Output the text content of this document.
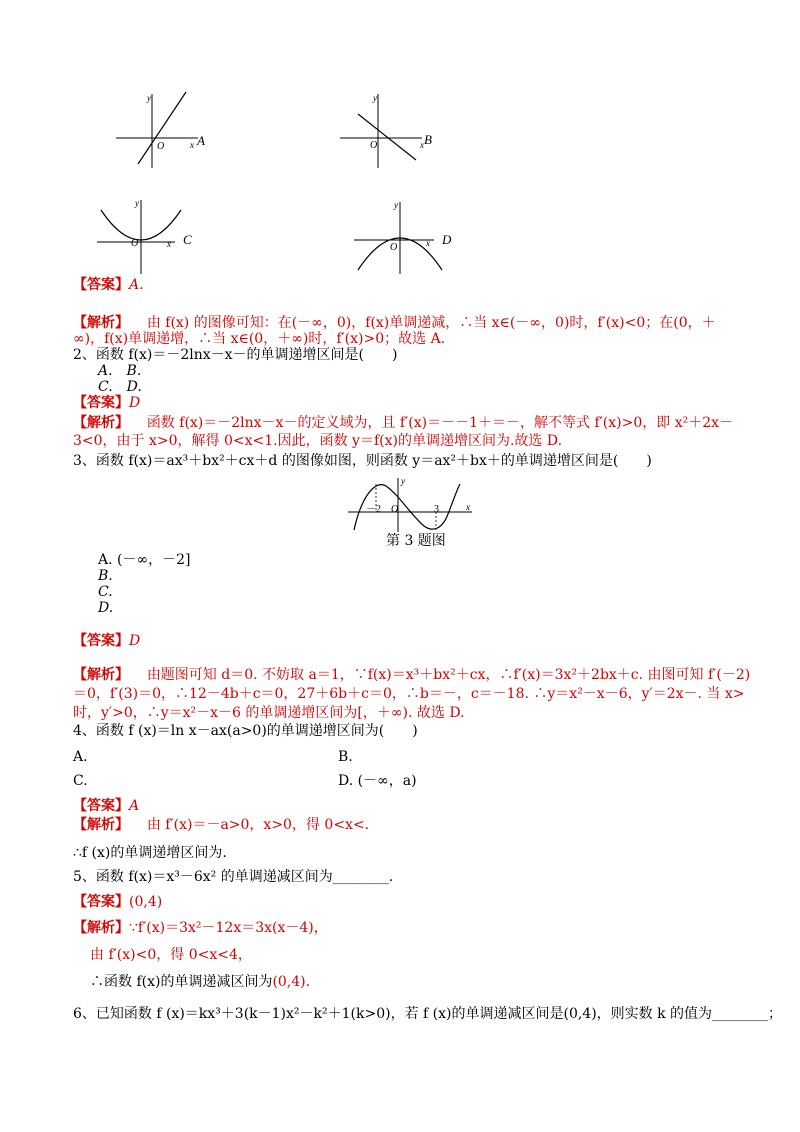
y
x
O	A
y
x
O	B
y
x
O	C
y
x
O
D
【答案】A.
【解析】 由 f(x) 的图像可知：在(－∞，0)，f(x)单调递减，∴当 x∈(－∞，0)时，f′(x)<0；在(0，＋
∞)，f(x)单调递增，∴当 x∈(0，＋∞)时，f′(x)>0；故选 A.
2、函数 f(x)＝－2lnx－x－的单调递增区间是(　　)
A.　B.
C.　D.
【答案】D
【解析】 函数 f(x)＝－2lnx－x－的定义域为，且 f′(x)＝－－1＋＝－，解不等式 f′(x)>0，即 x²＋2x－
3<0，由于 x>0，解得 0<x<1.因此，函数 y＝f(x)的单调递增区间为.故选 D.
3、函数 f(x)＝ax³＋bx²＋cx＋d 的图像如图，则函数 y＝ax²＋bx＋的单调递增区间是(　　)
y
x
O
－2	3
第 3 题图
A. (－∞，－2]
B.
C.
D.
【答案】D
【解析】 由题图可知 d＝0. 不妨取 a＝1，∵f(x)＝x³＋bx²＋cx，∴f′(x)＝3x²＋2bx＋c. 由图可知 f′(－2)
＝0，f′(3)＝0，∴12－4b＋c＝0，27＋6b＋c＝0，∴b＝－，c＝－18. ∴y＝x²－x－6，y′＝2x－. 当 x>
时，y′>0，∴y＝x²－x－6 的单调递增区间为[，＋∞). 故选 D.
4、函数 f (x)＝ln x－ax(a>0)的单调递增区间为(　　)
A.	B.
C.	D. (－∞，a)
【答案】A
【解析】 由 f′(x)＝－a>0，x>0，得 0<x<.
∴f (x)的单调递增区间为.
5、函数 f(x)＝x³－6x² 的单调递减区间为________.
【答案】(0,4)
【解析】∵f′(x)＝3x²－12x＝3x(x－4)，
由 f′(x)<0，得 0<x<4，
∴函数 f(x)的单调递减区间为(0,4).
6、已知函数 f (x)＝kx³＋3(k－1)x²－k²＋1(k>0)，若 f (x)的单调递减区间是(0,4)，则实数 k 的值为________；
